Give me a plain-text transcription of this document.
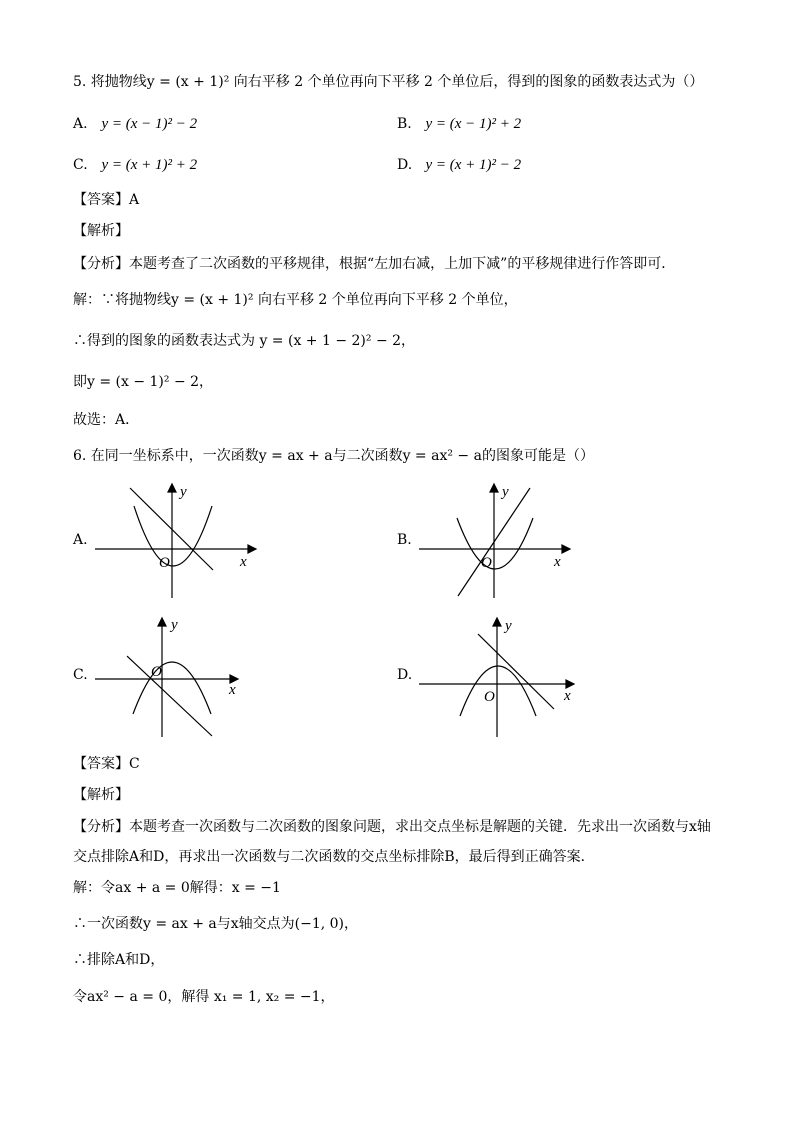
5. 将抛物线y = (x + 1)² 向右平移 2 个单位再向下平移 2 个单位后，得到的图象的函数表达式为（）
A. y = (x − 1)² − 2	B. y = (x − 1)² + 2
C. y = (x + 1)² + 2	D. y = (x + 1)² − 2
【答案】A
【解析】
【分析】本题考查了二次函数的平移规律，根据“左加右减，上加下减”的平移规律进行作答即可．
解：∵将抛物线y = (x + 1)² 向右平移 2 个单位再向下平移 2 个单位，
∴得到的图象的函数表达式为 y = (x + 1 − 2)² − 2，
即y = (x − 1)² − 2，
故选：A．
6. 在同一坐标系中，一次函数y = ax + a与二次函数y = ax² − a的图象可能是（）
A.
x
y
O
B.
x
y
O
C.
x
y
O	D.
x
y
O
【答案】C
【解析】
【分析】本题考查一次函数与二次函数的图象问题，求出交点坐标是解题的关键．先求出一次函数与x轴
交点排除A和D，再求出一次函数与二次函数的交点坐标排除B，最后得到正确答案．
解：令ax + a = 0解得：x = −1
∴一次函数y = ax + a与x轴交点为(−1, 0)，
∴排除A和D，
令ax² − a = 0，解得 x₁ = 1, x₂ = −1，
